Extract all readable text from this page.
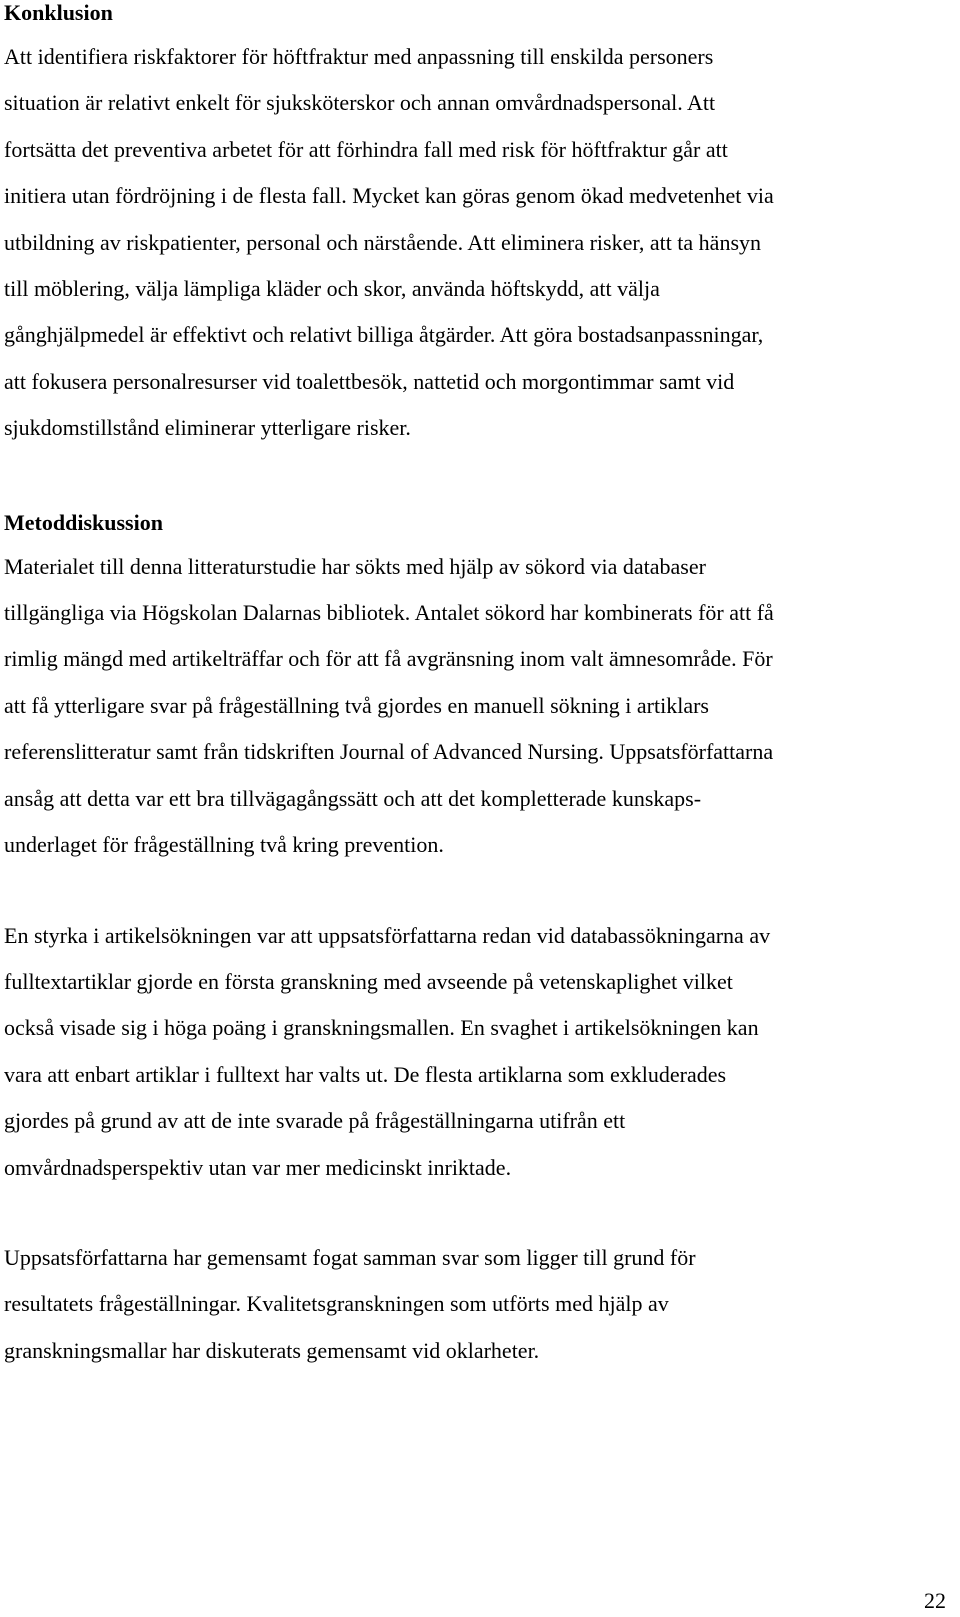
Konklusion

Att identifiera riskfaktorer för höftfraktur med anpassning till enskilda personers
situation är relativt enkelt för sjuksköterskor och annan omvårdnadspersonal. Att
fortsätta det preventiva arbetet för att förhindra fall med risk för höftfraktur går att
initiera utan fördröjning i de flesta fall. Mycket kan göras genom ökad medvetenhet via
utbildning av riskpatienter, personal och närstående. Att eliminera risker, att ta hänsyn
till möblering, välja lämpliga kläder och skor, använda höftskydd, att välja
gånghjälpmedel är effektivt och relativt billiga åtgärder. Att göra bostadsanpassningar,
att fokusera personalresurser vid toalettbesök, nattetid och morgontimmar samt vid
sjukdomstillstånd eliminerar ytterligare risker.

Metoddiskussion

Materialet till denna litteraturstudie har sökts med hjälp av sökord via databaser
tillgängliga via Högskolan Dalarnas bibliotek. Antalet sökord har kombinerats för att få
rimlig mängd med artikelträffar och för att få avgränsning inom valt ämnesområde. För
att få ytterligare svar på frågeställning två gjordes en manuell sökning i artiklars
referenslitteratur samt från tidskriften Journal of Advanced Nursing. Uppsatsförfattarna
ansåg att detta var ett bra tillvägagångssätt och att det kompletterade kunskaps-
underlaget för frågeställning två kring prevention.

En styrka i artikelsökningen var att uppsatsförfattarna redan vid databassökningarna av
fulltextartiklar gjorde en första granskning med avseende på vetenskaplighet vilket
också visade sig i höga poäng i granskningsmallen. En svaghet i artikelsökningen kan
vara att enbart artiklar i fulltext har valts ut. De flesta artiklarna som exkluderades
gjordes på grund av att de inte svarade på frågeställningarna utifrån ett
omvårdnadsperspektiv utan var mer medicinskt inriktade.

Uppsatsförfattarna har gemensamt fogat samman svar som ligger till grund för
resultatets frågeställningar. Kvalitetsgranskningen som utförts med hjälp av
granskningsmallar har diskuterats gemensamt vid oklarheter.

22
